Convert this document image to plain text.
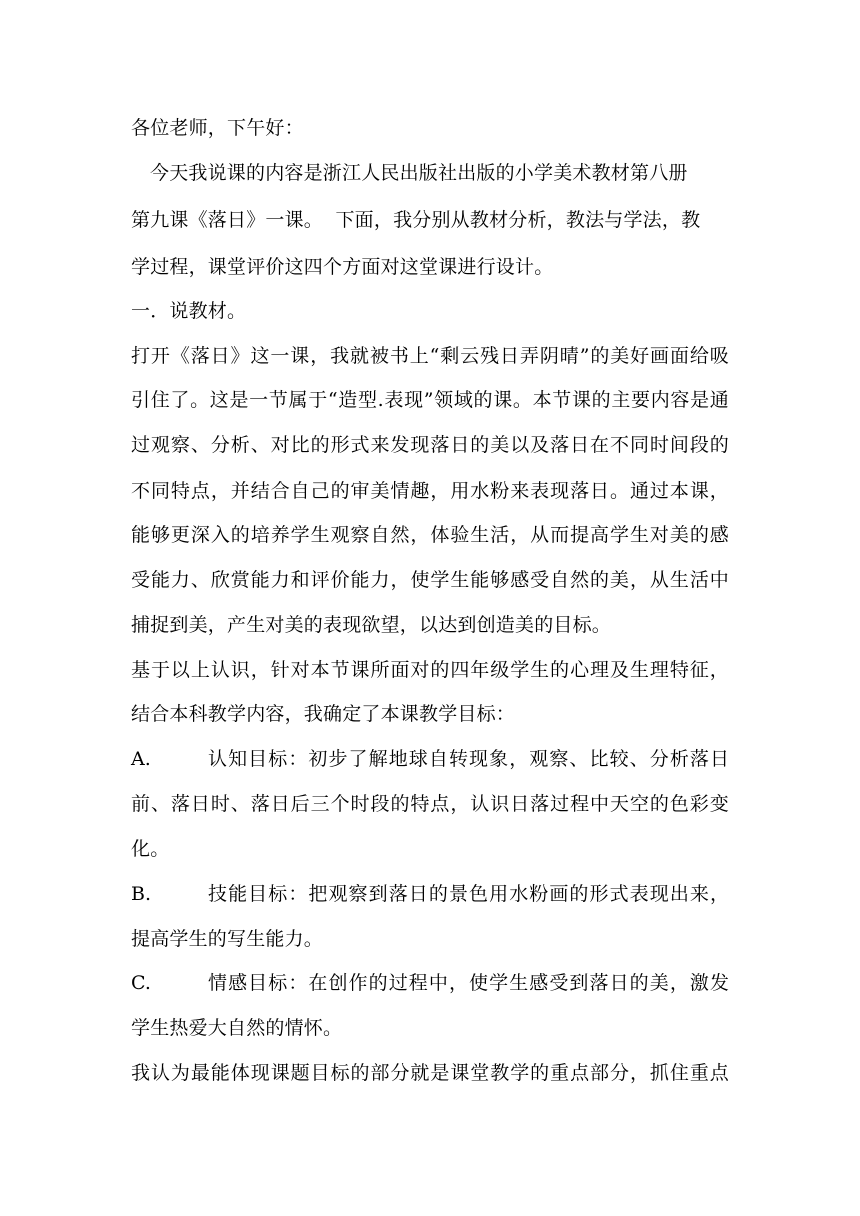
各位老师，下午好：
今天我说课的内容是浙江人民出版社出版的小学美术教材第八册
第九课《落日》一课。  下面，我分别从教材分析，教法与学法，教
学过程，课堂评价这四个方面对这堂课进行设计。
一．说教材。
打开《落日》这一课，我就被书上“剩云残日弄阴晴”的美好画面给吸
引住了。这是一节属于“造型.表现”领域的课。本节课的主要内容是通
过观察、分析、对比的形式来发现落日的美以及落日在不同时间段的
不同特点，并结合自己的审美情趣，用水粉来表现落日。通过本课，
能够更深入的培养学生观察自然，体验生活，从而提高学生对美的感
受能力、欣赏能力和评价能力，使学生能够感受自然的美，从生活中
捕捉到美，产生对美的表现欲望，以达到创造美的目标。
基于以上认识，针对本节课所面对的四年级学生的心理及生理特征，
结合本科教学内容，我确定了本课教学目标：
A.	认知目标：初步了解地球自转现象，观察、比较、分析落日
前、落日时、落日后三个时段的特点，认识日落过程中天空的色彩变
化。
B.	技能目标：把观察到落日的景色用水粉画的形式表现出来，
提高学生的写生能力。
C.	情感目标：在创作的过程中，使学生感受到落日的美，激发
学生热爱大自然的情怀。
我认为最能体现课题目标的部分就是课堂教学的重点部分，抓住重点
